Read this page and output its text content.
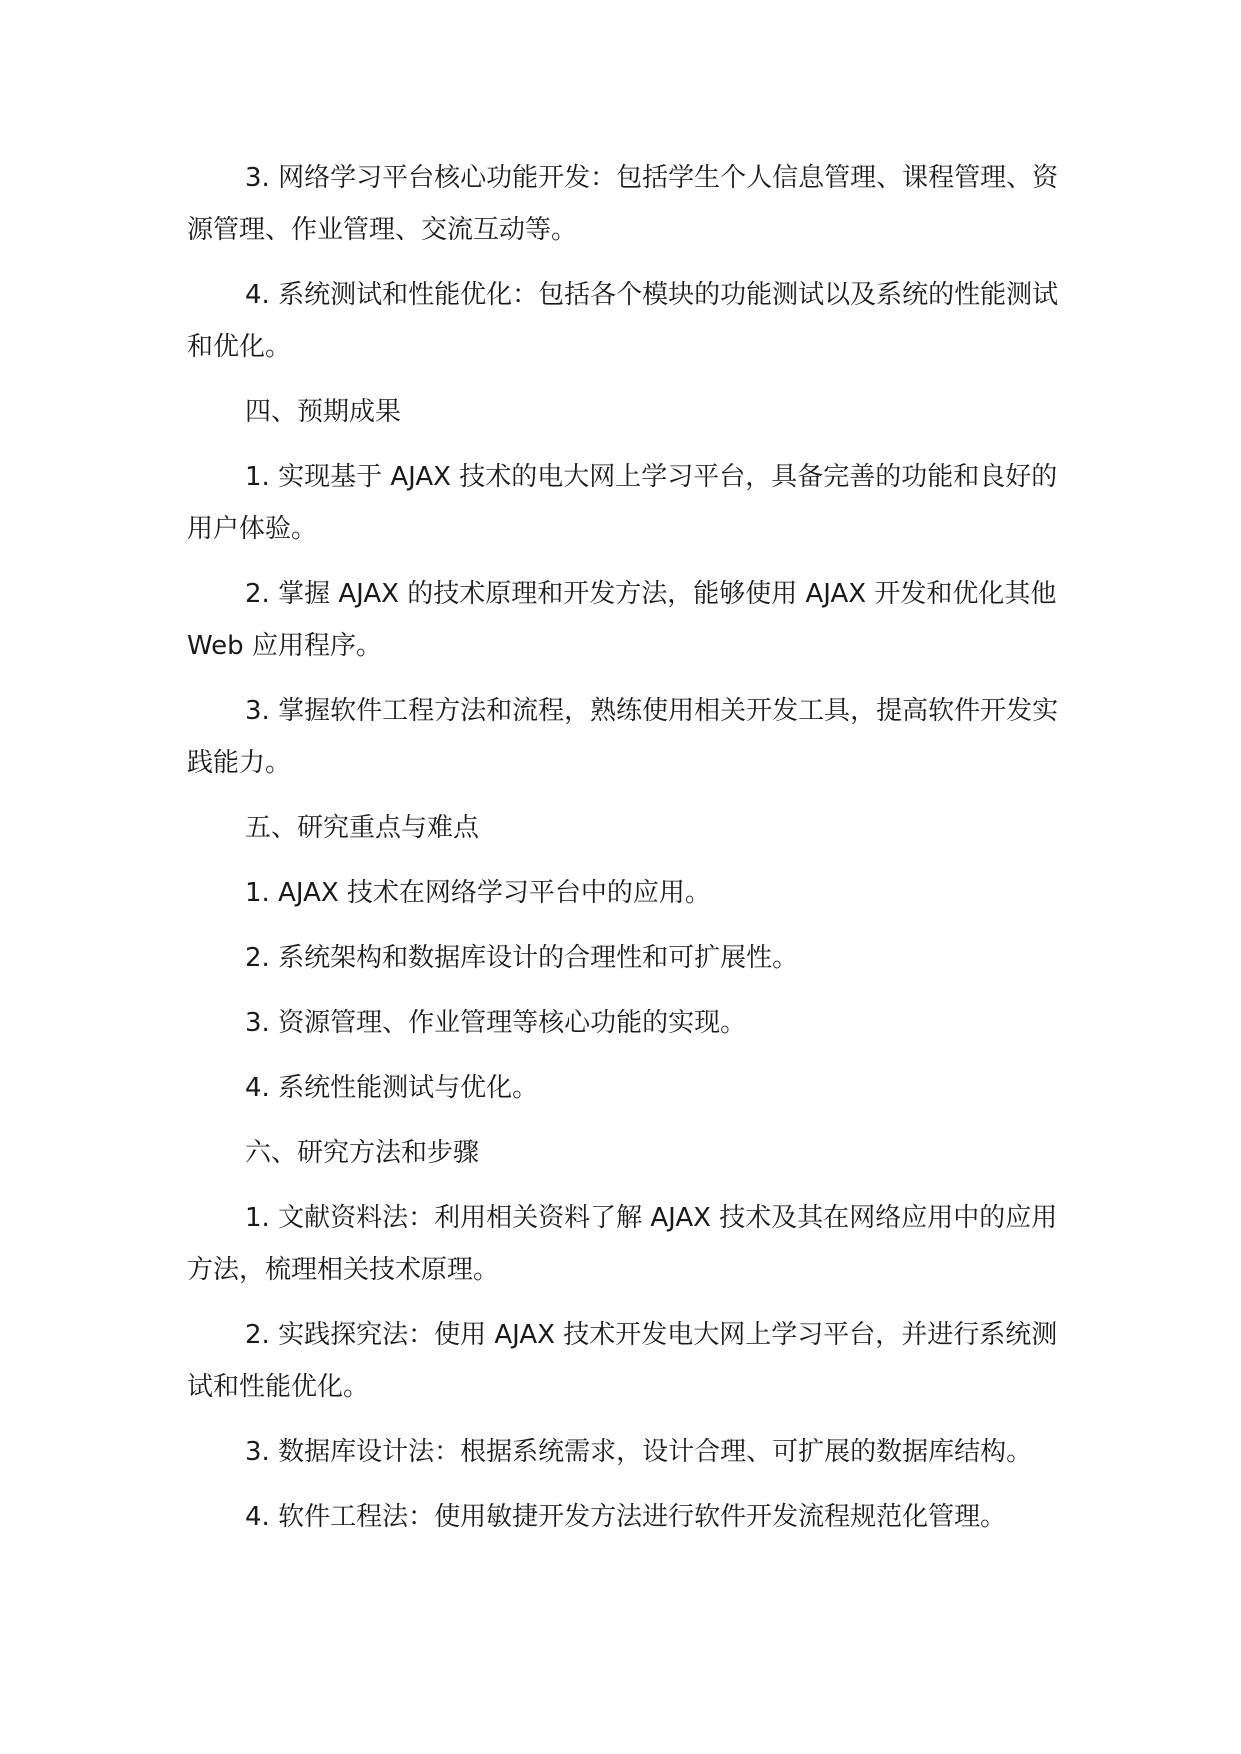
3. 网络学习平台核心功能开发：包括学生个人信息管理、课程管理、资源管理、作业管理、交流互动等。

4. 系统测试和性能优化：包括各个模块的功能测试以及系统的性能测试和优化。

四、预期成果

1. 实现基于 AJAX 技术的电大网上学习平台，具备完善的功能和良好的用户体验。

2. 掌握 AJAX 的技术原理和开发方法，能够使用 AJAX 开发和优化其他 Web 应用程序。

3. 掌握软件工程方法和流程，熟练使用相关开发工具，提高软件开发实践能力。

五、研究重点与难点

1. AJAX 技术在网络学习平台中的应用。

2. 系统架构和数据库设计的合理性和可扩展性。

3. 资源管理、作业管理等核心功能的实现。

4. 系统性能测试与优化。

六、研究方法和步骤

1. 文献资料法：利用相关资料了解 AJAX 技术及其在网络应用中的应用方法，梳理相关技术原理。

2. 实践探究法：使用 AJAX 技术开发电大网上学习平台，并进行系统测试和性能优化。

3. 数据库设计法：根据系统需求，设计合理、可扩展的数据库结构。

4. 软件工程法：使用敏捷开发方法进行软件开发流程规范化管理。
